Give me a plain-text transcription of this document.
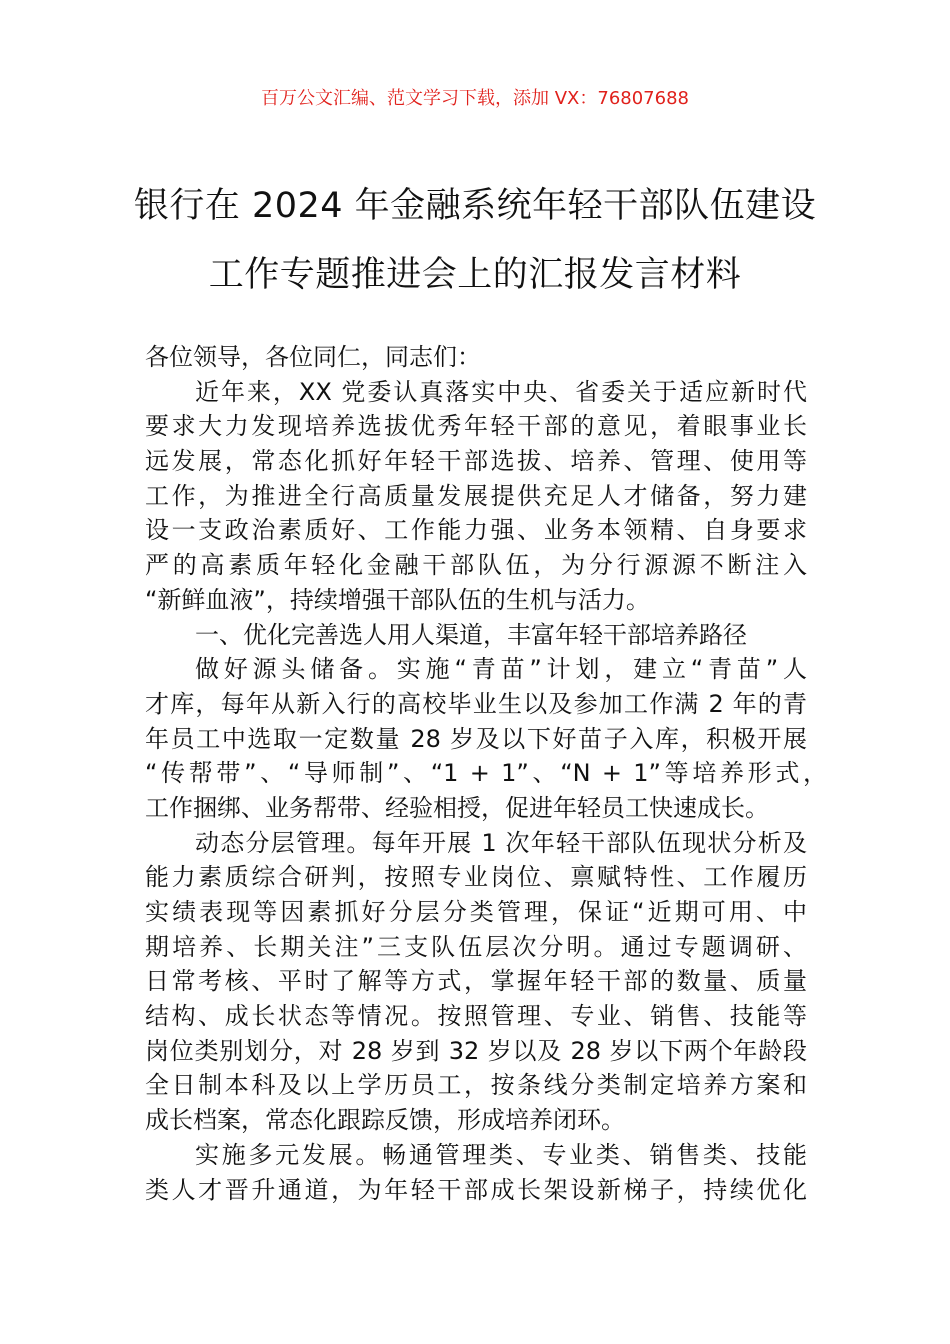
百万公文汇编、范文学习下载，添加 VX：76807688
银行在 2024 年金融系统年轻干部队伍建设
工作专题推进会上的汇报发言材料
各位领导，各位同仁，同志们：
近年来，XX 党委认真落实中央、省委关于适应新时代
要求大力发现培养选拔优秀年轻干部的意见，着眼事业长
远发展，常态化抓好年轻干部选拔、培养、管理、使用等
工作，为推进全行高质量发展提供充足人才储备，努力建
设一支政治素质好、工作能力强、业务本领精、自身要求
严的高素质年轻化金融干部队伍，为分行源源不断注入
“新鲜血液”，持续增强干部队伍的生机与活力。
一、优化完善选人用人渠道，丰富年轻干部培养路径
做好源头储备。实施“青苗”计划，建立“青苗”人
才库，每年从新入行的高校毕业生以及参加工作满 2 年的青
年员工中选取一定数量 28 岁及以下好苗子入库，积极开展
“传帮带”、“导师制”、“1 + 1”、“N + 1”等培养形式，
工作捆绑、业务帮带、经验相授，促进年轻员工快速成长。
动态分层管理。每年开展 1 次年轻干部队伍现状分析及
能力素质综合研判，按照专业岗位、禀赋特性、工作履历
实绩表现等因素抓好分层分类管理，保证“近期可用、中
期培养、长期关注”三支队伍层次分明。通过专题调研、
日常考核、平时了解等方式，掌握年轻干部的数量、质量
结构、成长状态等情况。按照管理、专业、销售、技能等
岗位类别划分，对 28 岁到 32 岁以及 28 岁以下两个年龄段
全日制本科及以上学历员工，按条线分类制定培养方案和
成长档案，常态化跟踪反馈，形成培养闭环。
实施多元发展。畅通管理类、专业类、销售类、技能
类人才晋升通道，为年轻干部成长架设新梯子，持续优化
